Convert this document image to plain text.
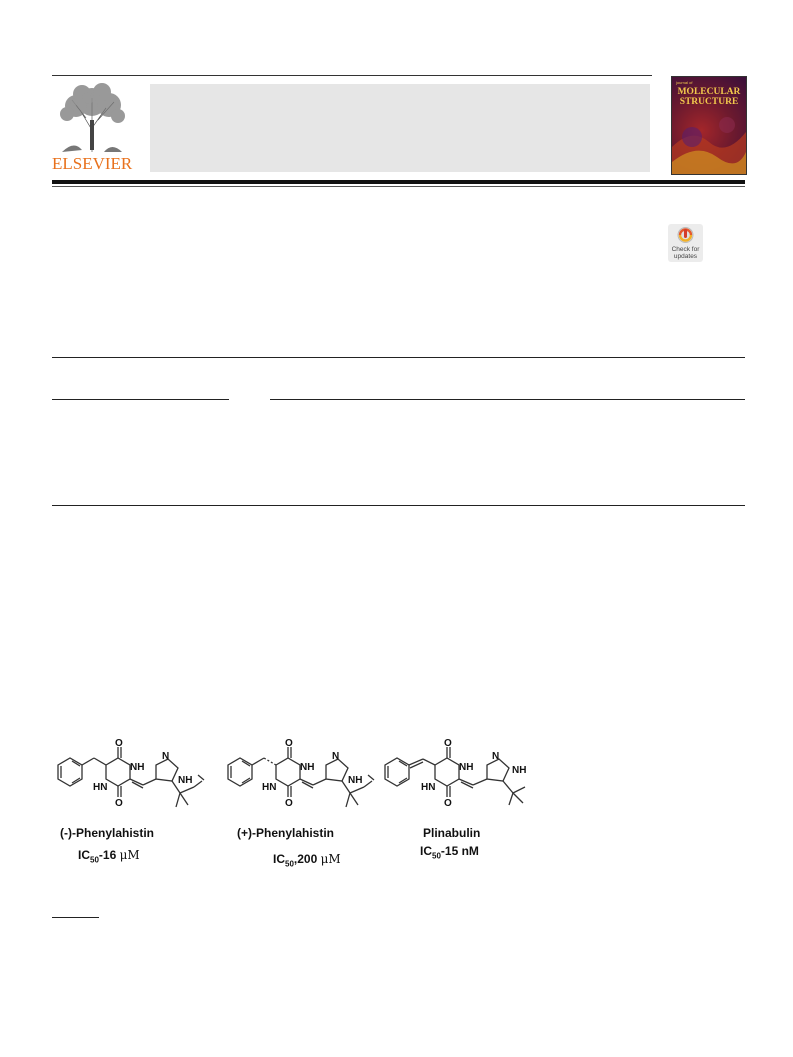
ELSEVIER
journal of
MOLECULAR STRUCTURE
Check for updates
O
O
NH
HN
N
NH
O
O
NH
HN
N
NH
O
O
NH
HN
N
NH
(-)-Phenylahistin	(+)-Phenylahistin	Plinabulin
$IC_{50}-16$ μM	$IC_{50},200$ μM
$IC_{50}-15$ nM
